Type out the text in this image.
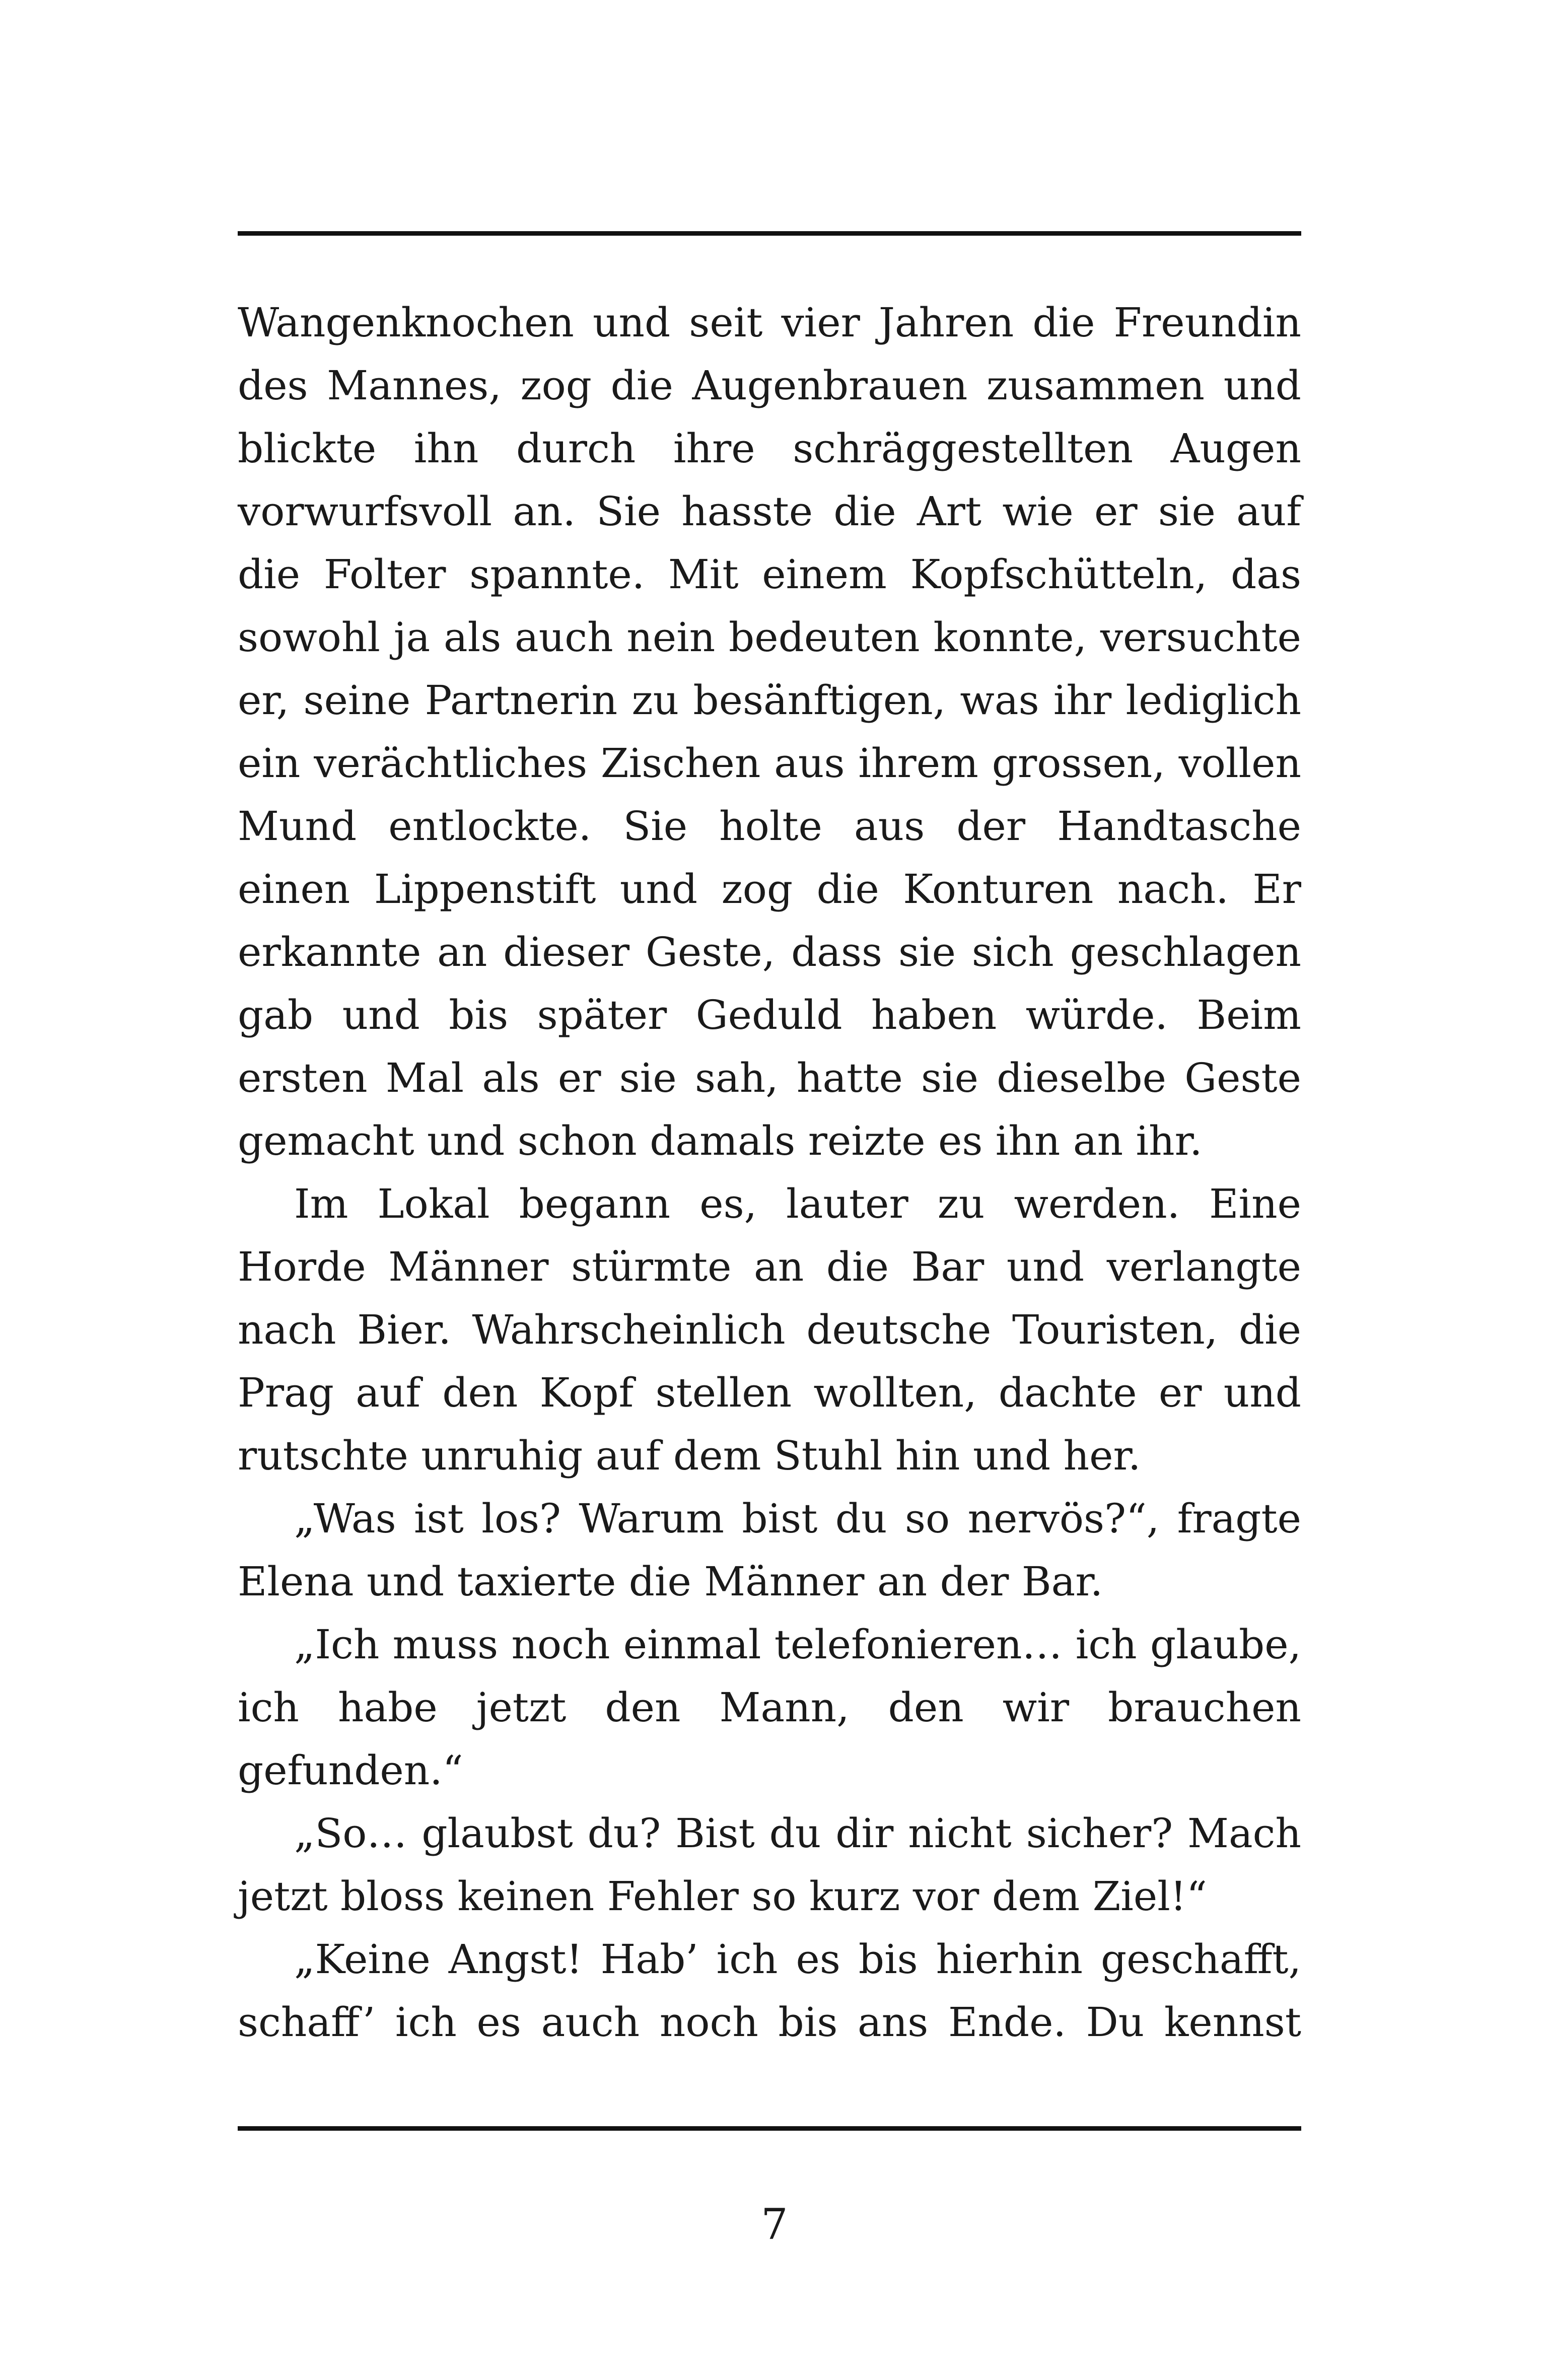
Wangenknochen und seit vier Jahren die Freundin des Mannes, zog die Augenbrauen zusammen und blickte ihn durch ihre schräggestellten Augen vorwurfsvoll an. Sie hasste die Art wie er sie auf die Folter spannte. Mit einem Kopfschütteln, das sowohl ja als auch nein bedeuten konnte, versuchte er, seine Partnerin zu besänftigen, was ihr lediglich ein verächtliches Zischen aus ihrem grossen, vollen Mund entlockte. Sie holte aus der Handtasche einen Lippenstift und zog die Konturen nach. Er erkannte an dieser Geste, dass sie sich geschlagen gab und bis später Geduld haben würde. Beim ersten Mal als er sie sah, hatte sie dieselbe Geste gemacht und schon damals reizte es ihn an ihr.

Im Lokal begann es, lauter zu werden. Eine Horde Männer stürmte an die Bar und verlangte nach Bier. Wahrscheinlich deutsche Touristen, die Prag auf den Kopf stellen wollten, dachte er und rutschte unruhig auf dem Stuhl hin und her.

„Was ist los? Warum bist du so nervös?“, fragte Elena und taxierte die Männer an der Bar.

„Ich muss noch einmal telefonieren… ich glaube, ich habe jetzt den Mann, den wir brauchen gefunden.“

„So… glaubst du? Bist du dir nicht sicher? Mach jetzt bloss keinen Fehler so kurz vor dem Ziel!“

„Keine Angst! Hab’ ich es bis hierhin geschafft, schaff’ ich es auch noch bis ans Ende. Du kennst

7
